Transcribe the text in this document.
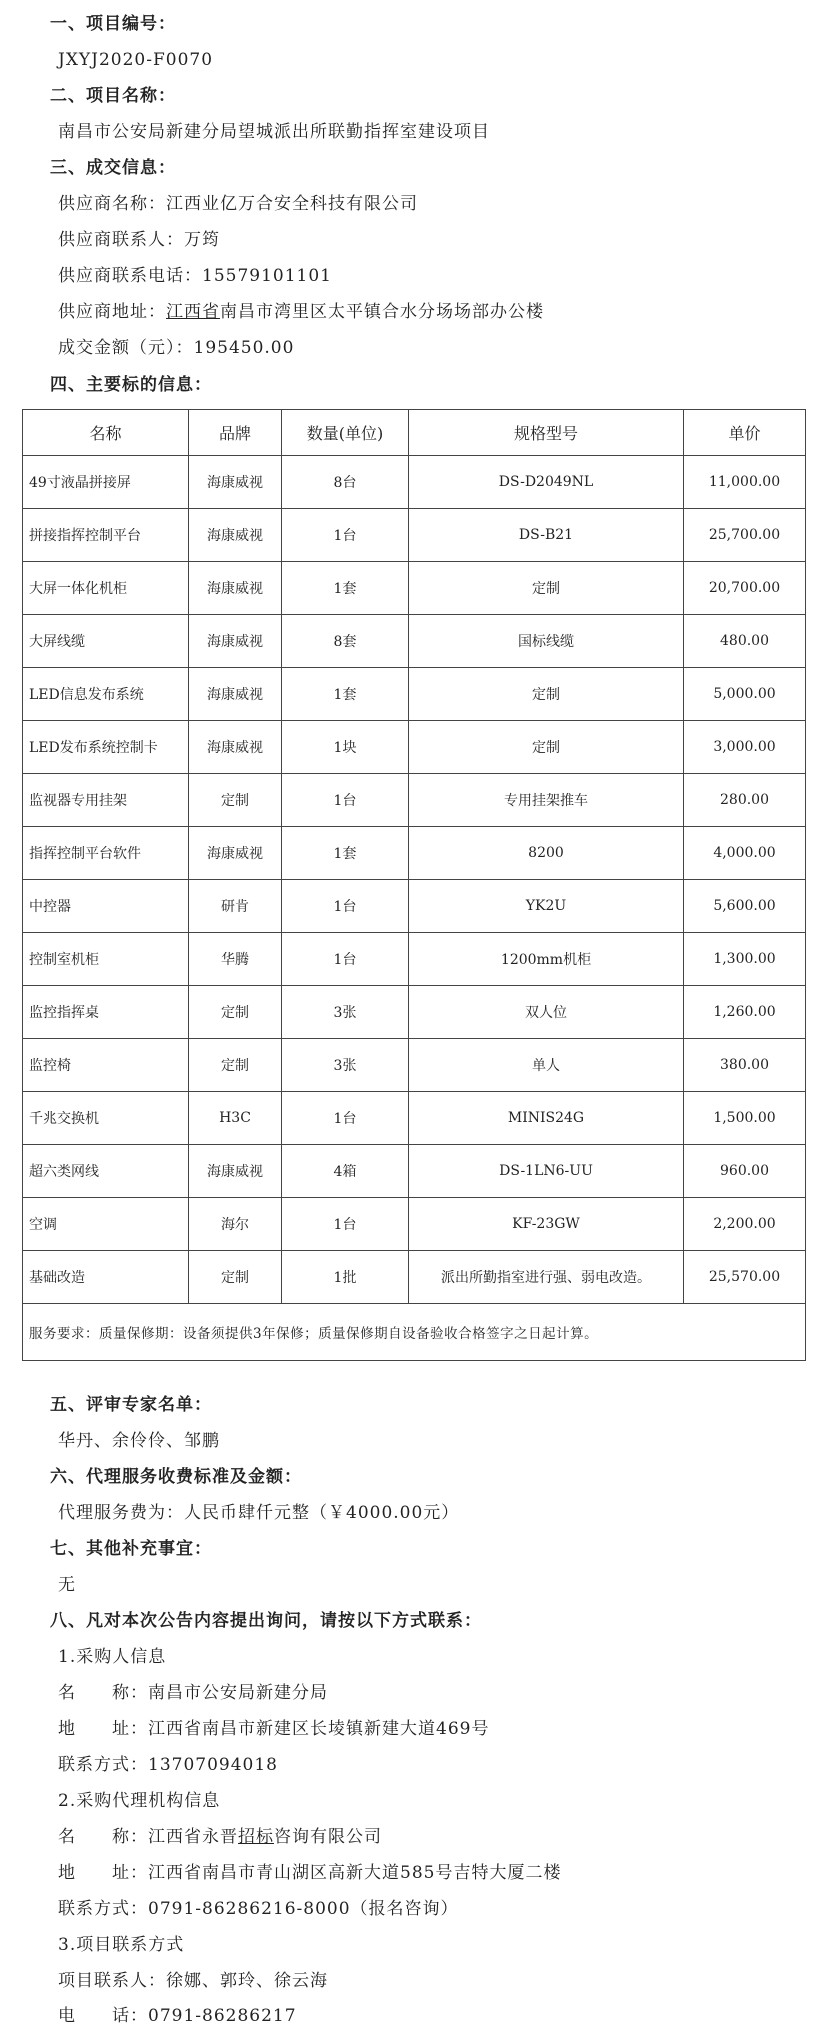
一、项目编号：
JXYJ2020-F0070
二、项目名称：
南昌市公安局新建分局望城派出所联勤指挥室建设项目
三、成交信息：
供应商名称：江西业亿万合安全科技有限公司
供应商联系人：万筠
供应商联系电话：15579101101
供应商地址：江西省南昌市湾里区太平镇合水分场场部办公楼
成交金额（元）：195450.00
四、主要标的信息：
名称	品牌	数量(单位)	规格型号	单价
49寸液晶拼接屏	海康威视	8台	DS-D2049NL	11,000.00
拼接指挥控制平台	海康威视	1台	DS-B21	25,700.00
大屏一体化机柜	海康威视	1套	定制	20,700.00
大屏线缆	海康威视	8套	国标线缆	480.00
LED信息发布系统	海康威视	1套	定制	5,000.00
LED发布系统控制卡	海康威视	1块	定制	3,000.00
监视器专用挂架	定制	1台	专用挂架推车	280.00
指挥控制平台软件	海康威视	1套	8200	4,000.00
中控器	研肯	1台	YK2U	5,600.00
控制室机柜	华腾	1台	1200mm机柜	1,300.00
监控指挥桌	定制	3张	双人位	1,260.00
监控椅	定制	3张	单人	380.00
千兆交换机	H3C	1台	MINIS24G	1,500.00
超六类网线	海康威视	4箱	DS-1LN6-UU	960.00
空调	海尔	1台	KF-23GW	2,200.00
基础改造	定制	1批	派出所勤指室进行强、弱电改造。	25,570.00
服务要求：质量保修期：设备须提供3年保修；质量保修期自设备验收合格签字之日起计算。				
五、评审专家名单：
华丹、余伶伶、邹鹏
六、代理服务收费标准及金额：
代理服务费为：人民币肆仟元整（￥4000.00元）
七、其他补充事宜：
无
八、凡对本次公告内容提出询问，请按以下方式联系：
1.采购人信息
名　　称：南昌市公安局新建分局
地　　址：江西省南昌市新建区长堎镇新建大道469号
联系方式：13707094018
2.采购代理机构信息
名　　称：江西省永晋招标咨询有限公司
地　　址：江西省南昌市青山湖区高新大道585号吉特大厦二楼
联系方式：0791-86286216-8000（报名咨询）
3.项目联系方式
项目联系人：徐娜、郭玲、徐云海
电　　话：0791-86286217
